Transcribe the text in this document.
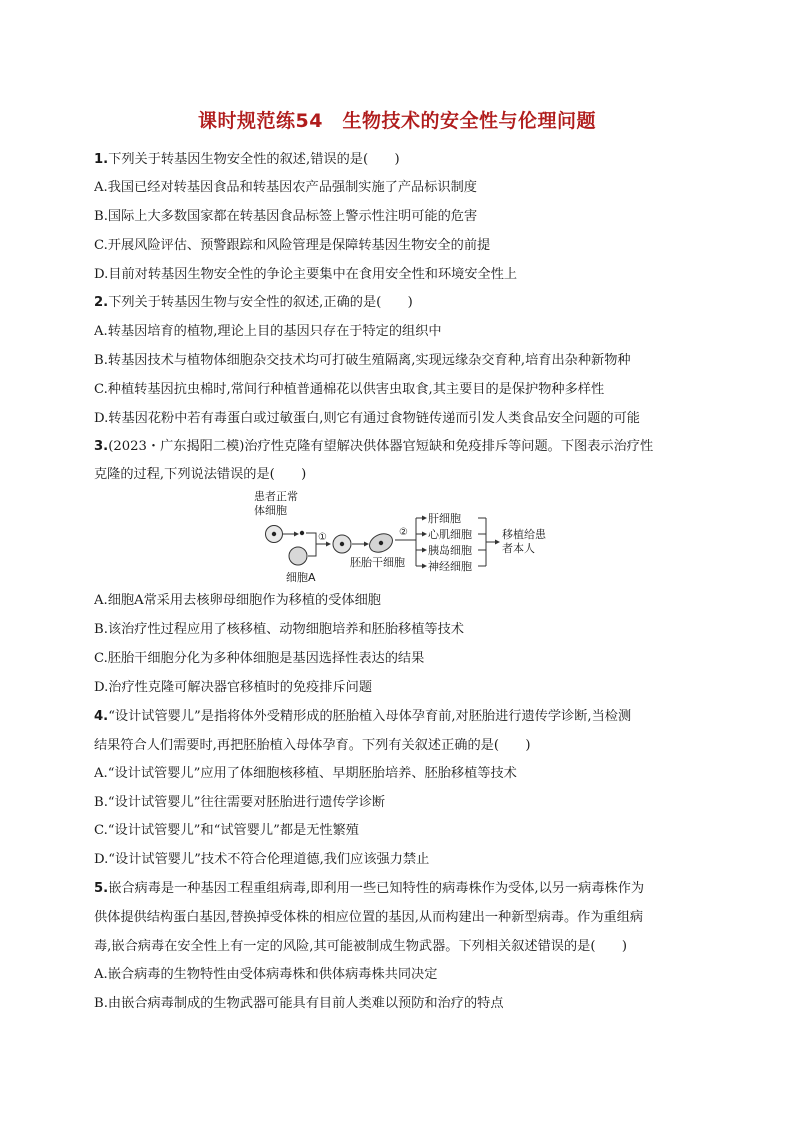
课时规范练54　生物技术的安全性与伦理问题
1.下列关于转基因生物安全性的叙述,错误的是(　　)
A.我国已经对转基因食品和转基因农产品强制实施了产品标识制度
B.国际上大多数国家都在转基因食品标签上警示性注明可能的危害
C.开展风险评估、预警跟踪和风险管理是保障转基因生物安全的前提
D.目前对转基因生物安全性的争论主要集中在食用安全性和环境安全性上
2.下列关于转基因生物与安全性的叙述,正确的是(　　)
A.转基因培育的植物,理论上目的基因只存在于特定的组织中
B.转基因技术与植物体细胞杂交技术均可打破生殖隔离,实现远缘杂交育种,培育出杂种新物种
C.种植转基因抗虫棉时,常间行种植普通棉花以供害虫取食,其主要目的是保护物种多样性
D.转基因花粉中若有毒蛋白或过敏蛋白,则它有通过食物链传递而引发人类食品安全问题的可能
3.(2023・广东揭阳二模)治疗性克隆有望解决供体器官短缺和免疫排斥等问题。下图表示治疗性
克隆的过程,下列说法错误的是(　　)
患者正常
体细胞
细胞A
①
胚胎干细胞
②
肝细胞
心肌细胞
胰岛细胞
神经细胞
移植给患
者本人
A.细胞A常采用去核卵母细胞作为移植的受体细胞
B.该治疗性过程应用了核移植、动物细胞培养和胚胎移植等技术
C.胚胎干细胞分化为多种体细胞是基因选择性表达的结果
D.治疗性克隆可解决器官移植时的免疫排斥问题
4.“设计试管婴儿”是指将体外受精形成的胚胎植入母体孕育前,对胚胎进行遗传学诊断,当检测
结果符合人们需要时,再把胚胎植入母体孕育。下列有关叙述正确的是(　　)
A.“设计试管婴儿”应用了体细胞核移植、早期胚胎培养、胚胎移植等技术
B.“设计试管婴儿”往往需要对胚胎进行遗传学诊断
C.“设计试管婴儿”和“试管婴儿”都是无性繁殖
D.“设计试管婴儿”技术不符合伦理道德,我们应该强力禁止
5.嵌合病毒是一种基因工程重组病毒,即利用一些已知特性的病毒株作为受体,以另一病毒株作为
供体提供结构蛋白基因,替换掉受体株的相应位置的基因,从而构建出一种新型病毒。作为重组病
毒,嵌合病毒在安全性上有一定的风险,其可能被制成生物武器。下列相关叙述错误的是(　　)
A.嵌合病毒的生物特性由受体病毒株和供体病毒株共同决定
B.由嵌合病毒制成的生物武器可能具有目前人类难以预防和治疗的特点
